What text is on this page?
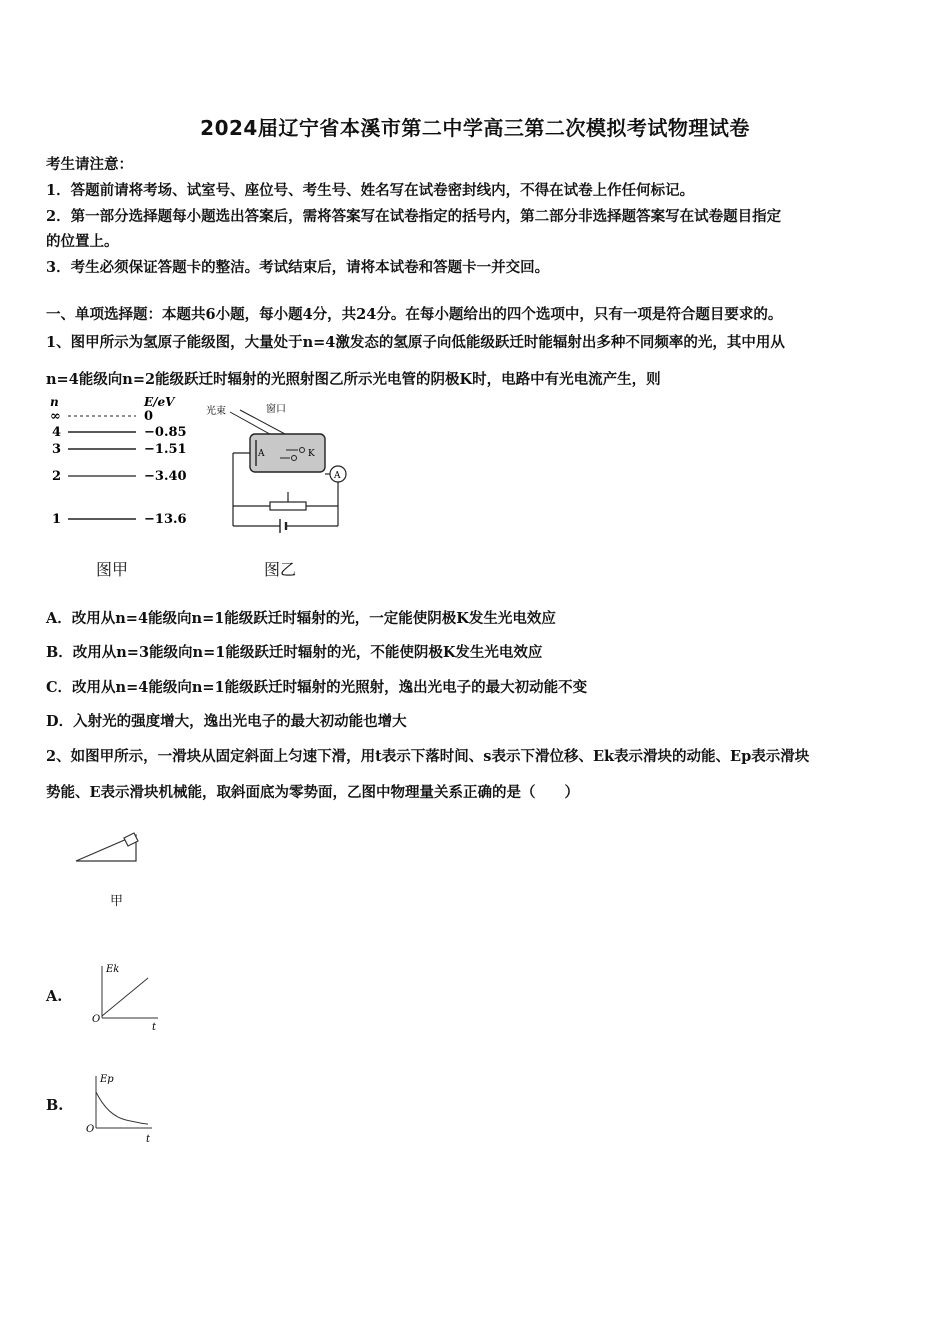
2024届辽宁省本溪市第二中学高三第二次模拟考试物理试卷
考生请注意：
1．答题前请将考场、试室号、座位号、考生号、姓名写在试卷密封线内，不得在试卷上作任何标记。
2．第一部分选择题每小题选出答案后，需将答案写在试卷指定的括号内，第二部分非选择题答案写在试卷题目指定
的位置上。
3．考生必须保证答题卡的整洁。考试结束后，请将本试卷和答题卡一并交回。
一、单项选择题：本题共6小题，每小题4分，共24分。在每小题给出的四个选项中，只有一项是符合题目要求的。
1、图甲所示为氢原子能级图，大量处于n=4激发态的氢原子向低能级跃迁时能辐射出多种不同频率的光，其中用从
n=4能级向n=2能级跃迁时辐射的光照射图乙所示光电管的阴极K时，电路中有光电流产生，则
n	E/eV
∞	0
4	−0.85
3	−1.51
2	−3.40
1	−13.6
图甲
光束	窗口
A	K
A
图乙
A．改用从n=4能级向n=1能级跃迁时辐射的光，一定能使阴极K发生光电效应
B．改用从n=3能级向n=1能级跃迁时辐射的光，不能使阴极K发生光电效应
C．改用从n=4能级向n=1能级跃迁时辐射的光照射，逸出光电子的最大初动能不变
D．入射光的强度增大，逸出光电子的最大初动能也增大
2、如图甲所示，一滑块从固定斜面上匀速下滑，用t表示下落时间、s表示下滑位移、Ek表示滑块的动能、Ep表示滑块
势能、E表示滑块机械能，取斜面底为零势面，乙图中物理量关系正确的是（　　）
甲
A.
Ek
O
t
B.
Ep
O
t
